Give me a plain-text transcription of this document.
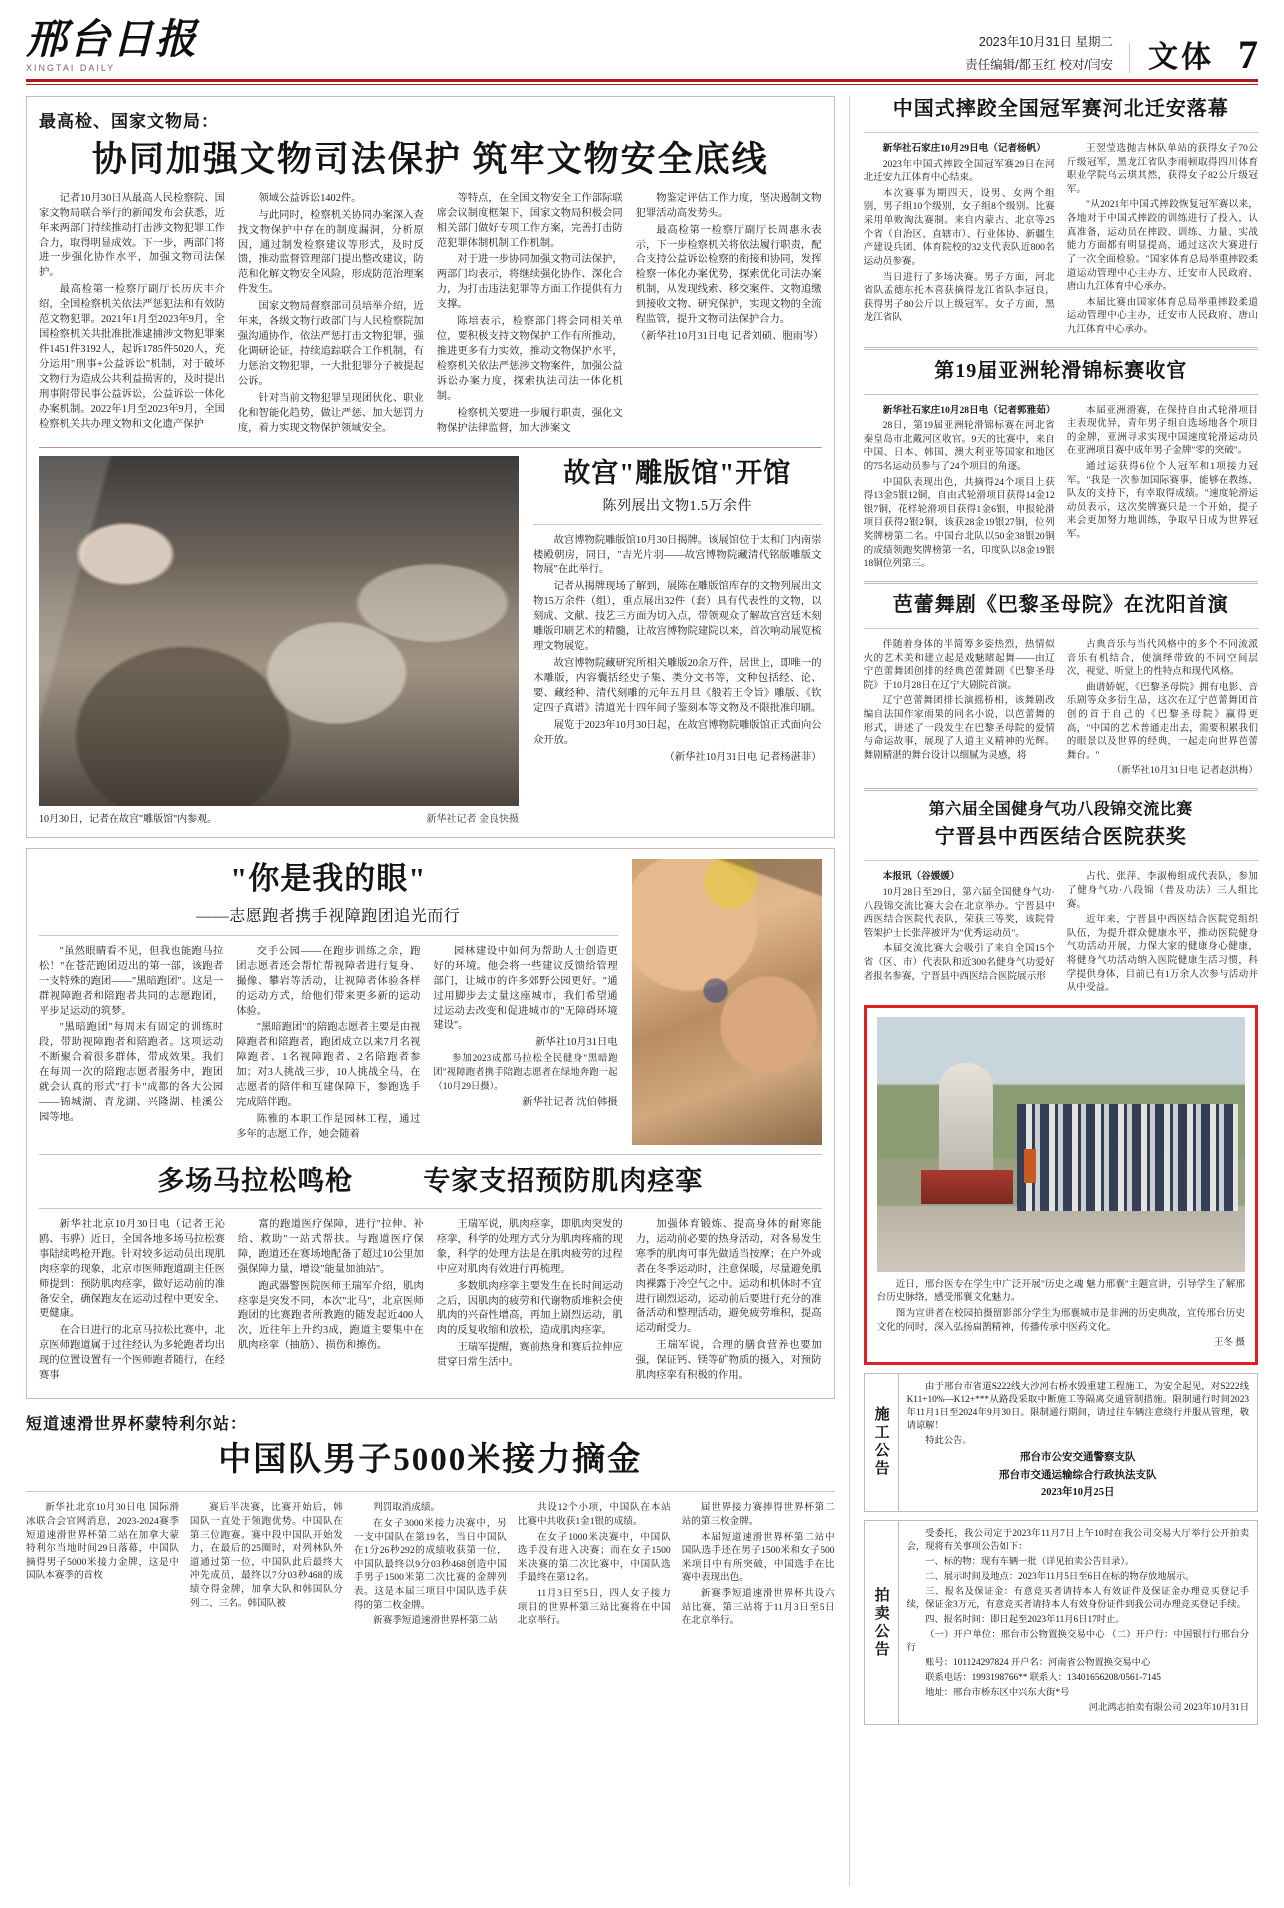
邢台日报
XINGTAI DAILY
2023年10月31日 星期二
责任编辑/都玉红 校对/闫安	文体 7
最高检、国家文物局：
协同加强文物司法保护 筑牢文物安全底线

记者10月30日从最高人民检察院、国家文物局联合举行的新闻发布会获悉，近年来两部门持续推动打击涉文物犯罪工作合力，取得明显成效。下一步，两部门将进一步强化协作水平，加强文物司法保护。

最高检第一检察厅副厅长历庆丰介绍，全国检察机关依法严惩犯法和有效防范文物犯罪。2021年1月至2023年9月，全国检察机关共批准批准逮捕涉文物犯罪案件1451件3192人，起诉1785件5020人，充分运用"刑事+公益诉讼"机制，对于破坏文物行为造成公共利益损害的，及时提出刑事附带民事公益诉讼，公益诉讼一体化办案机制。2022年1月至2023年9月，全国检察机关共办理文物和文化遗产保护

领域公益诉讼1402件。

与此同时，检察机关协同办案深入查找文物保护中存在的制度漏洞，分析原因，通过制发检察建议等形式，及时反馈，推动监督管理部门提出整改建议，防范和化解文物安全风险，形成防范治理案件发生。

国家文物局督察部司员培举介绍，近年来，各级文物行政部门与人民检察院加强沟通协作，依法严惩打击文物犯罪，强化调研论证，持续追踪联合工作机制，有力惩治文物犯罪，一大批犯罪分子被提起公诉。

针对当前文物犯罪呈现团伙化、职业化和智能化趋势，做让严惩、加大惩罚力度，着力实现文物保护领域安全。

等特点，在全国文物安全工作部际联席会议制度框架下，国家文物局积极会同相关部门做好专项工作方案，完善打击防范犯罪体制机制工作机制。

对于进一步协同加强文物司法保护，两部门均表示，将继续强化协作、深化合力，为打击违法犯罪等方面工作提供有力支撑。

陈培表示，检察部门将会同相关单位，要积极支持文物保护工作有所推动，推进更多有力实效，推动文物保护水平，检察机关依法严惩涉文物案件，加强公益诉讼办案力度，探索执法司法一体化机制。

检察机关要进一步履行职责，强化文物保护法律监督，加大涉案文

物鉴定评估工作力度，坚决遏制文物犯罪活动高发势头。

最高检第一检察厅副厅长周惠永表示，下一步检察机关将依法履行职责，配合支持公益诉讼检察的衔接和协同，发挥检察一体化办案优势，探索优化司法办案机制，从发现线索、移交案件、文物追缴到接收文物、研究保护，实现文物的全流程监管，提升文物司法保护合力。

（新华社10月31日电 记者刘硕、胞雨岑）

10月30日，记者在故宫"雕版馆"内参观。	新华社记者 金良快摄
故宫"雕版馆"开馆
陈列展出文物1.5万余件

故宫博物院雕版馆10月30日揭牌。该展馆位于太和门内南崇楼殿朝房，同日，"吉光片羽——故宫博物院藏清代铭版雕版文物展"在此举行。

记者从揭牌现场了解到，展陈在雕版馆库存的文物列展出文物15万余件（组），重点展出32件（套）具有代表性的文物，以刻成、文献、技艺三方面为切入点，带领观众了解故宫宫廷木刻雕版印刷艺术的精髓，让故宫博物院建院以来，首次响动展览梳理文物展览。

故宫博物院藏研究所相关雕版20余万件，居世上，即唯一的木雕版，内容囊括经史子集、类分文书等，文种包括经、论、要、藏经种、清代刻雕的元年五月旦《般若王令旨》雕版、《钦定四子真谱》清道光十四年间子鉴刻本等文物及不限批准印刷。

展览于2023年10月30日起，在故宫博物院雕版馆正式面向公众开放。

（新华社10月31日电 记者杨湛菲）

"你是我的眼"
——志愿跑者携手视障跑团追光而行

"虽然眼睛看不见，但我也能跑马拉松！"在苍茫跑团迈出的第一部，该跑者一支特殊的跑团——"黑暗跑团"。这是一群视障跑者和陪跑者共同的志愿跑团，平步足运动的筑梦。

"黑暗跑团"每周末有固定的训练时段，带助视障跑者和陪跑者。这项运动不断聚合着很多群体，带成效果。我们在每周一次的陪跑志愿者服务中，跑团就会认真的形式"打卡"成都的各大公园——锦城湖、青龙湖、兴隆湖、桂溪公园等地。

交手公园——在跑步训练之余，跑团志愿者还会帮忙帮视障者进行复身、撮像、攀岩等活动，让视障者体验各样的运动方式，给他们带来更多新的运动体验。

"黑暗跑团"的陪跑志愿者主要是由视障跑者和陪跑者，跑团成立以来7月名视障跑者、1名视障跑者、2名陪跑者参加；对3人挑战三步，10人挑战全马，在志愿者的陪伴和互建保障下，参跑选手完成陪伴跑。

陈雅的本职工作是园林工程，通过多年的志愿工作，她会随着

园林建设中如何为帮助人士创造更好的环境。他会将一些建议反馈给管理部门，让城市的许多郊野公园更好。"通过用脚步去丈量这座城市，我们希望通过运动去改变和促进城市的"无障碍环境建设"。

新华社10月31日电

参加2023成都马拉松全民健身"黑暗跑团"视障跑者携手陪跑志愿者在绿地奔跑一起（10月29日摄）。

新华社记者 沈伯韩摄

多场马拉松鸣枪	专家支招预防肌肉痉挛

新华社北京10月30日电（记者王沁鸥、韦骅）近日，全国各地多场马拉松赛事陆续鸣枪开跑。针对较多运动员出现肌肉痉挛的现象，北京市医师跑道副主任医师提到：预防肌肉痉挛，做好运动前的准备安全，确保跑友在运动过程中更安全、更健康。

在合日进行的北京马拉松比赛中，北京医师跑道属于过往经认为多轮跑者均出现的位置设置有一个医师跑者随行，在经赛事

富的跑道医疗保障，进行"拉伸、补给、救助"一站式帮扶。与跑道医疗保障，跑道还在赛场地配备了超过10公里加强保障力量，增设"能量加油站"。

跑武器警医院医师王瑞军介绍，肌肉痉挛是突发不同，本次"北马"，北京医师跑团的比赛跑者所教跑的随发起近400人次，近往年上升约3成，跑道主要集中在肌肉痉挛（抽筋）、损伤和擦伤。

王瑞军说，肌肉痉挛，即肌肉突发的痉挛，科学的处理方式分为肌肉疼痛的现象，科学的处理方法是在肌肉疲劳的过程中应对肌肉有效进行再梳理。

多数肌肉痉挛主要发生在长时间运动之后，因肌肉的疲劳和代谢物质堆积会使肌肉的兴奋性增高，再加上剧烈运动，肌肉的反复收缩和放松，造成肌肉痉挛。

王瑞军提醒，赛前热身和赛后拉伸应贯穿日常生活中。

加强体育锻炼、提高身体的耐寒能力，运动前必要的热身活动，对各易发生寒季的肌肉可事先做适当按摩；在户外或者在冬季运动时，注意保暖，尽量避免肌肉裸露于冷空气之中。运动和机体时不宜进行剧烈运动，运动前后要进行充分的准备活动和整理活动，避免疲劳堆积，提高运动耐受力。

王瑞军说，合理的膳食营养也要加强，保证钙、镁等矿物质的摄入，对预防肌肉痉挛有积极的作用。

短道速滑世界杯蒙特利尔站：
中国队男子5000米接力摘金

新华社北京10月30日电 国际滑冰联合会官网消息，2023-2024赛季短道速滑世界杯第二站在加拿大蒙特利尔当地时间29日落幕，中国队摘得男子5000米接力金牌，这是中国队本赛季的首枚

赛后半决赛，比赛开始后，韩国队一直处于领跑优势。中国队在第三位跑赛。赛中段中国队开始发力，在最后的25圈时，对列林队外道通过第一位，中国队此后最终大冲先成员，最终以7分03秒468的成绩夺得金牌，加拿大队和韩国队分列二、三名。韩国队被

判罚取消成绩。

在女子3000米接力决赛中，另一支中国队在第19名，当日中国队在1分26秒292的成绩收获第一位，中国队最终以9分03秒468创造中国手男子1500米第二次比赛的金牌列表。这是本届三项目中国队选手获得的第二枚金牌。

新赛季短道速滑世界杯第二站

共设12个小项，中国队在本站比赛中共收获1金1银的成绩。

在女子1000米决赛中，中国队选手没有进入决赛；而在女子1500米决赛的第二次比赛中，中国队选手最终在第12名。

11月3日至5日，四人女子接力项目的世界杯第三站比赛将在中国北京举行。

届世界接力赛捧得世界杯第二站的第三枚金牌。

本届短道速滑世界杯第二站中国队选手还在男子1500米和女子500米项目中有所突破，中国选手在比赛中表现出色。

新赛季短道速滑世界杯共设六站比赛，第三站将于11月3日至5日在北京举行。

中国式摔跤全国冠军赛河北迁安落幕

新华社石家庄10月29日电（记者杨帆）

2023年中国式摔跤全国冠军赛29日在河北迁安九江体育中心结束。

本次赛事为期四天，设男、女两个组别，男子组10个级别，女子组8个级别。比赛采用单败淘汰赛制。来自内蒙古、北京等25个省（自治区、直辖市）、行业体协、新疆生产建设兵团、体育院校的32支代表队近800名运动员参赛。

当日进行了多场决赛。男子方面，河北省队孟德东托木喜获摘得龙江省队李冠良，获得男子80公斤以上级冠军。女子方面，黑龙江省队

王翌莹选抛吉林队单站的获得女子70公斤级冠军，黑龙江省队李雨顿取得四川体育职业学院乌云琪其然，获得女子82公斤级冠军。

"从2021年中国式摔跤恢复冠军赛以来，各地对于中国式摔跤的训练进行了投入，认真准备，运动员在摔跤、训练、力量、实战能力方面都有明显提高，通过这次大赛进行了一次全面检验。"国家体育总局举重摔跤柔道运动管理中心主办方、迁安市人民政府、唐山九江体育中心承办。

本届比赛由国家体育总局举重摔跤柔道运动管理中心主办，迁安市人民政府、唐山九江体育中心承办。

第19届亚洲轮滑锦标赛收官

新华社石家庄10月28日电（记者郭雅茹）

28日，第19届亚洲轮滑锦标赛在河北省秦皇岛市北戴河区收官。9天的比赛中，来自中国、日本、韩国、澳大利亚等国家和地区的75名运动员参与了24个项目的角逐。

中国队表现出色，共摘得24个项目上获得13金5银12铜，自由式轮滑项目获得14金12银7铜，花样轮滑项目获得1金6银，申报轮滑项目获得2银2铜，该获28金19银27铜，位列奖牌榜第二名。中国台北队以50金38银20铜的成绩领跑奖牌榜第一名，印度队以8金19银18铜位列第三。

本届亚洲滑赛，在保持自由式轮滑项目主表现优异，青年男子组自选场地各个项目的金牌，亚洲寻求实现中国速度轮滑运动员在亚洲项目赛中成年男子金牌"零的突破"。

通过运获得6位个人冠军和1项接力冠军。"我是一次参加国际赛事，能够在教练、队友的支持下，有幸取得成绩。"速度轮滑运动员表示，这次奖牌赛只是一个开始，提子来会更加努力地训练，争取早日成为世界冠军。

芭蕾舞剧《巴黎圣母院》在沈阳首演

伴随着身体的半简筹多姿热烈，热情似火的艺术美和建立起是戏魅睹起舞——由辽宁芭蕾舞团创排的经典芭蕾舞剧《巴黎圣母院》于10月28日在辽宁大剧院首演。

辽宁芭蕾舞团排长演摇桥相，该舞剧改编自法国作家雨果的同名小说，以芭蕾舞的形式，讲述了一段发生在巴黎圣母院的爱情与命运故事，展现了人道主义精神的光辉。舞剧精湛的舞台设计以细腻为灵感，将

古典音乐与当代风格中的多个不同流派音乐有机结合，使演绎带致的不同空间层次，视觉、听觉上的性特点和现代风格。

曲谱娇妮，《巴黎圣母院》拥有电影、音乐剧等众多衍生品，这次在辽宁芭蕾舞团首创的首于自己的《巴黎圣母院》赢得更高，"中国的艺术普通走出去，需要积累我们的眼景以及世界的经典，一起走向世界芭蕾舞台。"

（新华社10月31日电 记者赵洪梅）

第六届全国健身气功八段锦交流比赛
宁晋县中西医结合医院获奖

本报讯（谷媛媛）

10月28日至29日，第六届全国健身气功·八段锦交流比赛大会在北京举办。宁晋县中西医结合医院代表队，荣获三等奖，该院骨管架护士长张萍被评为"优秀运动员"。

本届交流比赛大会吸引了来自全国15个省（区、市）代表队和近300名健身气功爱好者报名参赛，宁晋县中西医结合医院展示形

占代、张萍、李淑梅组成代表队，参加了健身气功·八段锦（普及功法）三人组比赛。

近年来，宁晋县中西医结合医院党组织队伍，为提升群众健康水平，推动医院健身气功活动开展，力保大家的健康身心健康，将健身气功活动纳入医院健康生活习惯，科学提供身体，目前已有1万余人次参与活动并从中受益。

近日，邢台医专在学生中广泛开展"历史之魂 魅力邢襄"主题宣讲，引导学生了解邢台历史脉络，感受邢襄文化魅力。

图为宣讲者在校园拍摄留影部分学生为邢襄城市是非洲的历史典故，宣传邢台历史文化的同时，深入弘扬扁鹊精神，传播传承中医药文化。

王冬 摄

施工公告

由于邢台市省道S222线大沙河右桥水毁重建工程施工，为安全起见，对S222线K11+10%—K12+***从路段采取中断施工等隔离交通管制措施。限制通行时间2023年11月1日至2024年9月30日。限制通行期间，请过往车辆注意绕行并服从管理，敬请谅解！

特此公告。

邢台市公安交通警察支队

邢台市交通运输综合行政执法支队

2023年10月25日

拍卖公告

受委托，我公司定于2023年11月7日上午10时在我公司交易大厅举行公开拍卖会，现将有关事项公告如下：

一、标的物：现有车辆一批（详见拍卖公告目录）。

二、展示时间及地点：2023年11月5日至6日在标的物存放地展示。

三、报名及保证金：有意竞买者请持本人有效证件及保证金办理竞买登记手续，保证金3万元，有意竞买者请持本人有效身份证件到我公司办理竞买登记手续。

四、报名时间：即日起至2023年11月6日17时止。

（一）开户单位：邢台市公物置换交易中心 （二）开户行：中国银行行邢台分行

账号：101124297824 开户名：河南省公物置换交易中心

联系电话：1993198766** 联系人：13401656208/0561-7145

地址：邢台市桥东区中兴东大街*号

河北鸿志拍卖有限公司 2023年10月31日
